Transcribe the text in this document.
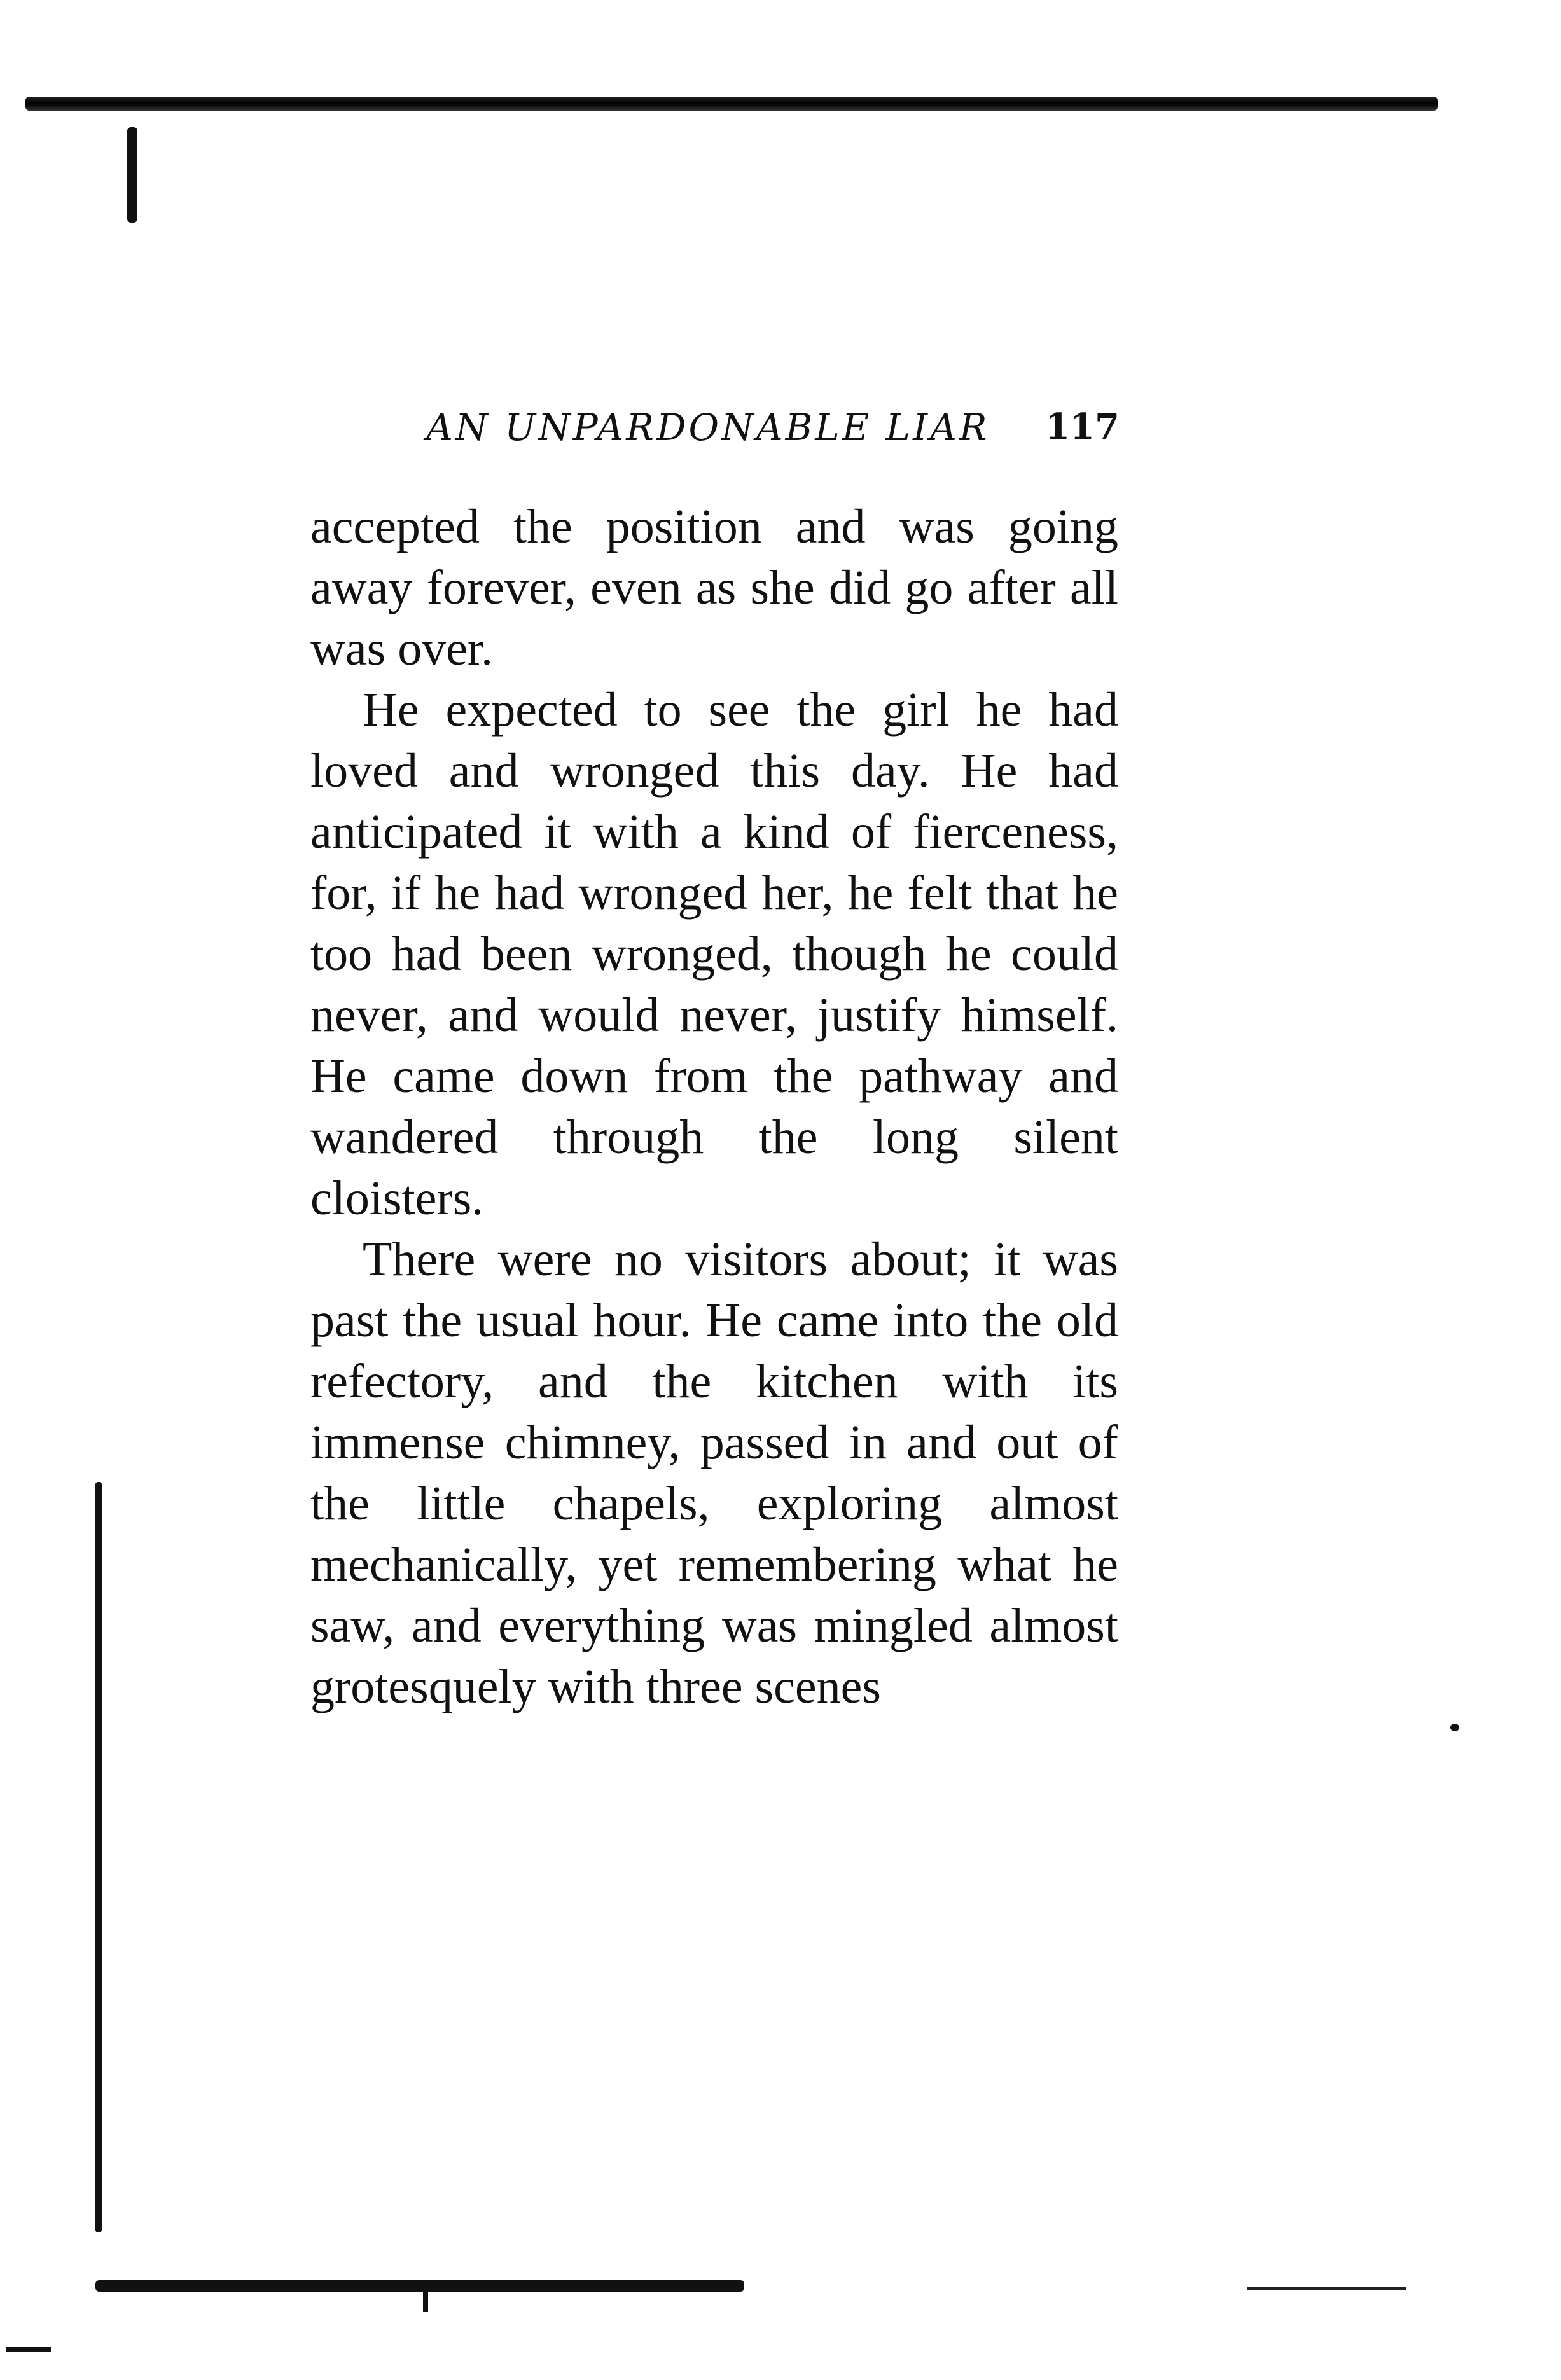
AN UNPARDONABLE LIAR 117

accepted the position and was going away forever, even as she did go after all was over.

He expected to see the girl he had loved and wronged this day. He had anticipated it with a kind of fierceness, for, if he had wronged her, he felt that he too had been wronged, though he could never, and would never, justify himself. He came down from the pathway and wandered through the long silent cloisters.

There were no visitors about; it was past the usual hour. He came into the old refectory, and the kitchen with its immense chimney, passed in and out of the little chapels, exploring almost mechanically, yet remembering what he saw, and everything was mingled almost grotesquely with three scenes
